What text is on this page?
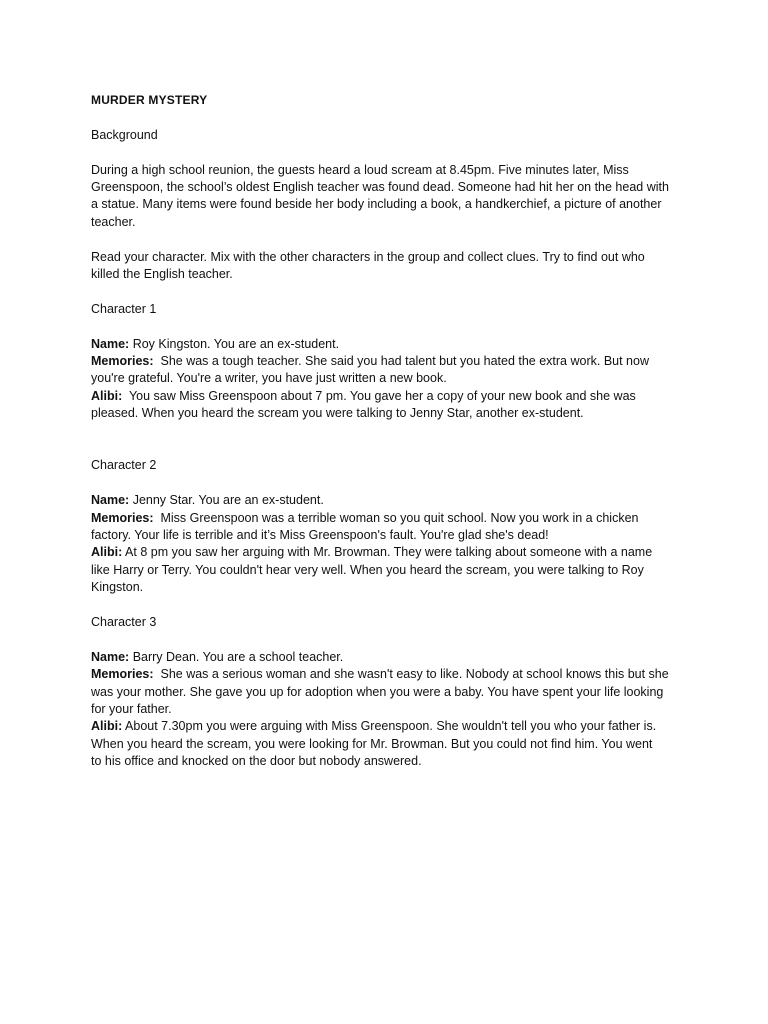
MURDER MYSTERY
Background
During a high school reunion, the guests heard a loud scream at 8.45pm. Five minutes later, Miss
Greenspoon, the school’s oldest English teacher was found dead. Someone had hit her on the head with
a statue. Many items were found beside her body including a book, a handkerchief, a picture of another
teacher.
Read your character. Mix with the other characters in the group and collect clues. Try to find out who
killed the English teacher.
Character 1
Name: Roy Kingston. You are an ex-student.
Memories:  She was a tough teacher. She said you had talent but you hated the extra work. But now
you're grateful. You're a writer, you have just written a new book.
Alibi:  You saw Miss Greenspoon about 7 pm. You gave her a copy of your new book and she was
pleased. When you heard the scream you were talking to Jenny Star, another ex-student.
Character 2
Name: Jenny Star. You are an ex-student.
Memories:  Miss Greenspoon was a terrible woman so you quit school. Now you work in a chicken
factory. Your life is terrible and it’s Miss Greenspoon's fault. You're glad she's dead!
Alibi: At 8 pm you saw her arguing with Mr. Browman. They were talking about someone with a name
like Harry or Terry. You couldn't hear very well. When you heard the scream, you were talking to Roy
Kingston.
Character 3
Name: Barry Dean. You are a school teacher.
Memories:  She was a serious woman and she wasn't easy to like. Nobody at school knows this but she
was your mother. She gave you up for adoption when you were a baby. You have spent your life looking
for your father.
Alibi: About 7.30pm you were arguing with Miss Greenspoon. She wouldn't tell you who your father is.
When you heard the scream, you were looking for Mr. Browman. But you could not find him. You went
to his office and knocked on the door but nobody answered.
